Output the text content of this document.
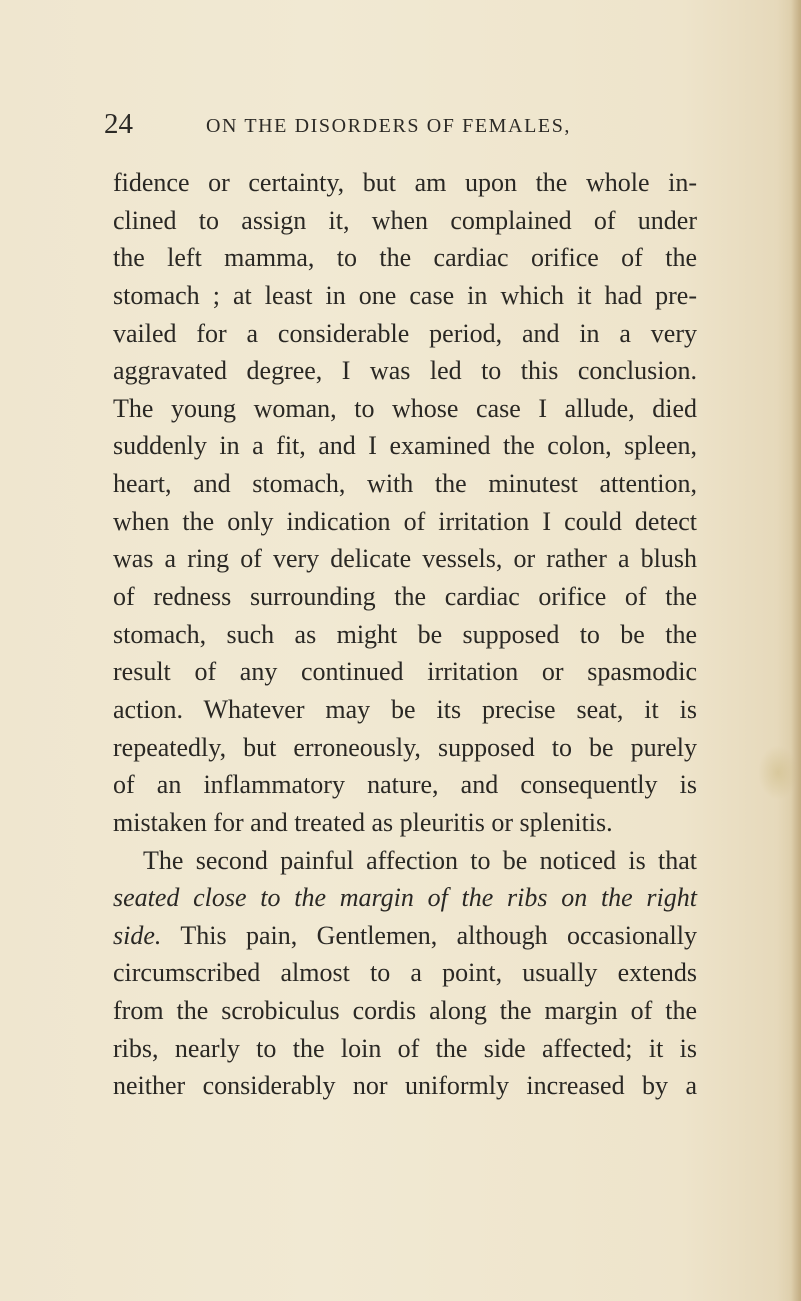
24	ON THE DISORDERS OF FEMALES,
fidence or certainty, but am upon the whole in-
clined to assign it, when complained of under
the left mamma, to the cardiac orifice of the
stomach ; at least in one case in which it had pre-
vailed for a considerable period, and in a very
aggravated degree, I was led to this conclusion.
The young woman, to whose case I allude, died
suddenly in a fit, and I examined the colon, spleen,
heart, and stomach, with the minutest attention,
when the only indication of irritation I could detect
was a ring of very delicate vessels, or rather a blush
of redness surrounding the cardiac orifice of the
stomach, such as might be supposed to be the
result of any continued irritation or spasmodic
action. Whatever may be its precise seat, it is
repeatedly, but erroneously, supposed to be purely
of an inflammatory nature, and consequently is
mistaken for and treated as pleuritis or splenitis.
The second painful affection to be noticed is that
seated close to the margin of the ribs on the right
side. This pain, Gentlemen, although occasionally
circumscribed almost to a point, usually extends
from the scrobiculus cordis along the margin of the
ribs, nearly to the loin of the side affected; it is
neither considerably nor uniformly increased by a
